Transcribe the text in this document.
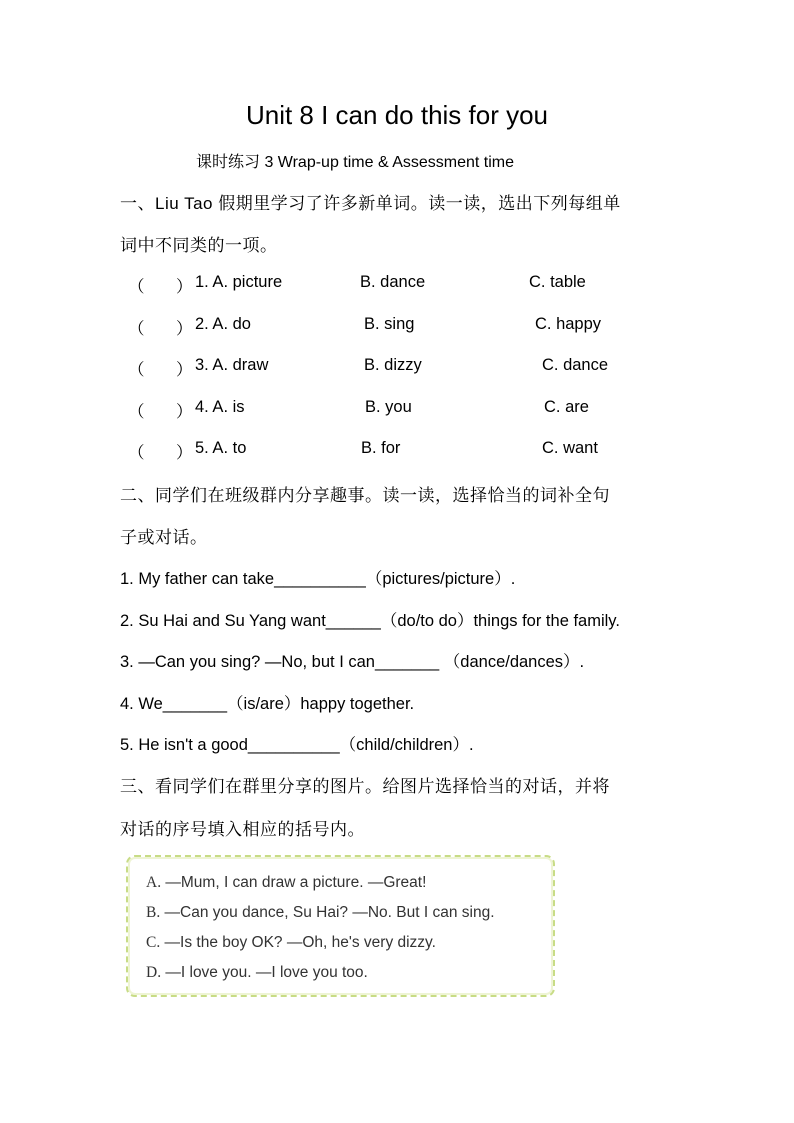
Unit 8 I can do this for you
课时练习 3 Wrap-up time & Assessment time
一、Liu Tao 假期里学习了许多新单词。读一读，选出下列每组单
词中不同类的一项。
（ ） 1. A. picture	B. dance	C. table
（ ） 2. A. do	B. sing	C. happy
（ ） 3. A. draw	B. dizzy	C. dance
（ ） 4. A. is	B. you	C. are
（ ） 5. A. to	B. for	C. want
二、同学们在班级群内分享趣事。读一读，选择恰当的词补全句
子或对话。
1. My father can take__________（pictures/picture）.
2. Su Hai and Su Yang want______（do/to do）things for the family.
3. —Can you sing? —No, but I can_______ （dance/dances）.
4. We_______（is/are）happy together.
5. He isn't a good__________（child/children）.
三、看同学们在群里分享的图片。给图片选择恰当的对话，并将
对话的序号填入相应的括号内。
A. —Mum, I can draw a picture. —Great!
B. —Can you dance, Su Hai? —No. But I can sing.
C. —Is the boy OK? —Oh, he's very dizzy.
D. —I love you. —I love you too.
